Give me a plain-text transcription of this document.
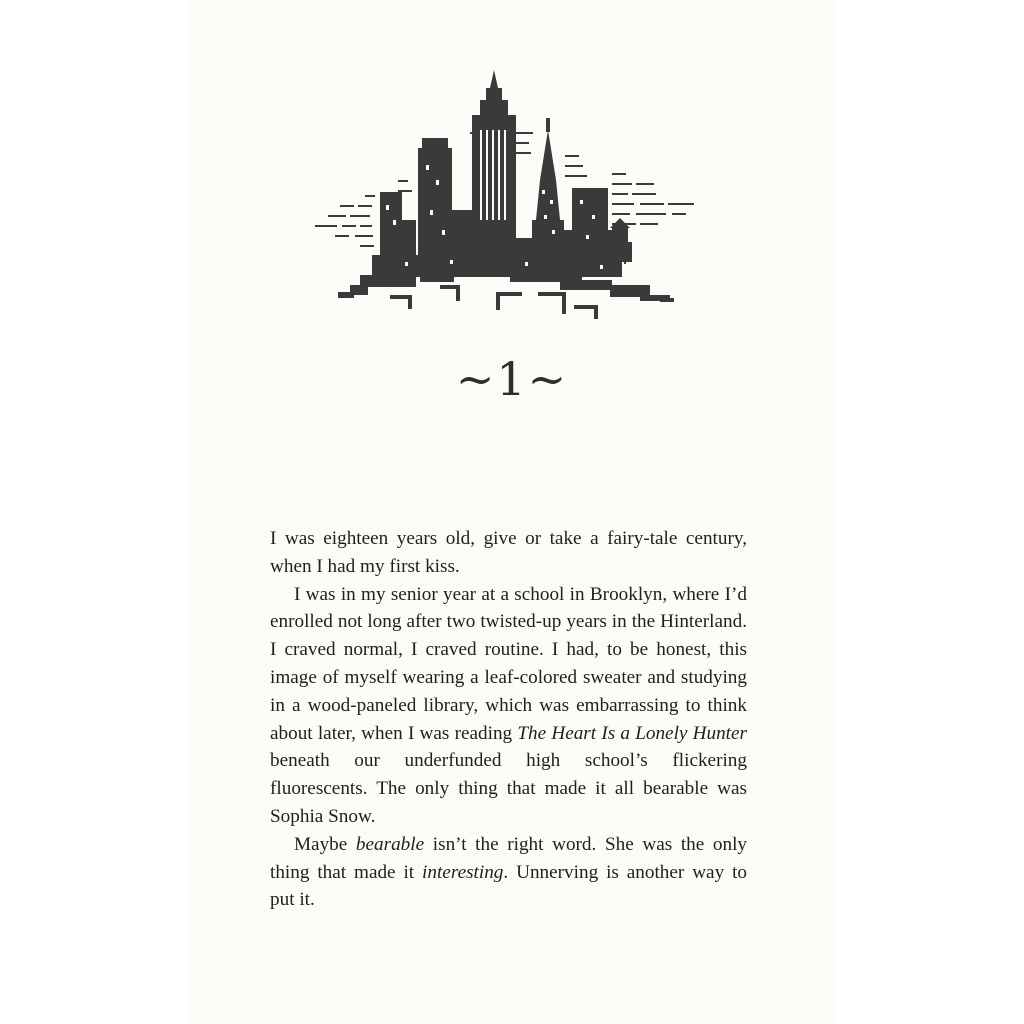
~1~

I was eighteen years old, give or take a fairy-tale century, when I had my first kiss.

I was in my senior year at a school in Brooklyn, where I’d enrolled not long after two twisted-up years in the Hinterland. I craved normal, I craved routine. I had, to be honest, this image of myself wearing a leaf-colored sweater and studying in a wood-paneled library, which was embarrassing to think about later, when I was reading The Heart Is a Lonely Hunter beneath our underfunded high school’s flickering fluorescents. The only thing that made it all bearable was Sophia Snow.

Maybe bearable isn’t the right word. She was the only thing that made it interesting. Unnerving is another way to put it.
